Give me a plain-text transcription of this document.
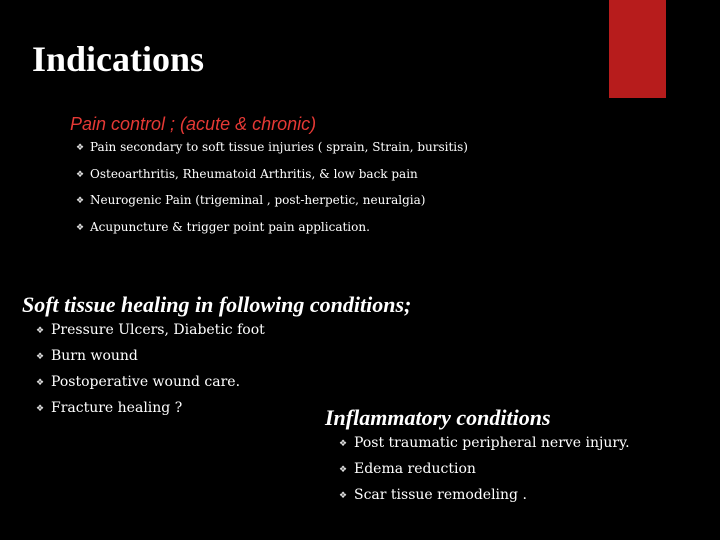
Indications
Pain control ; (acute & chronic)
❖ Pain secondary to soft tissue injuries ( sprain, Strain, bursitis)
❖ Osteoarthritis, Rheumatoid Arthritis, & low back pain
❖ Neurogenic Pain (trigeminal , post-herpetic, neuralgia)
❖ Acupuncture & trigger point pain application.
Soft tissue healing in following conditions;
❖ Pressure Ulcers, Diabetic foot
❖ Burn wound
❖ Postoperative wound care.
❖ Fracture healing ?	Inflammatory conditions
❖ Post traumatic peripheral nerve injury.
❖ Edema reduction
❖ Scar tissue remodeling .
